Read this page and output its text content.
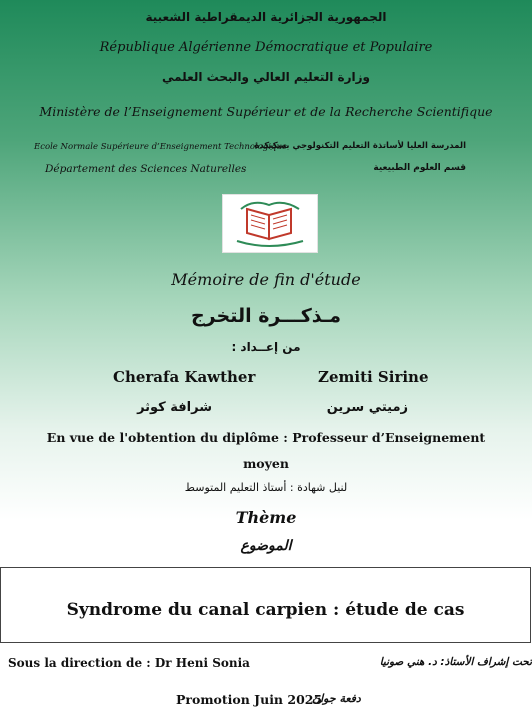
الجمهورية الجزائرية الديمقراطية الشعبية
République Algérienne Démocratique et Populaire
وزارة التعليم العالي والبحث العلمي
Ministère de l’Enseignement Supérieur et de la Recherche Scientifique
Ecole Normale Supérieure d’Enseignement Technologique
المدرسة العليا لأساتذة التعليم التكنولوجي بسكيكدة
Département des Sciences Naturelles	قسم العلوم الطبيعية
Mémoire de fin d'étude
مـذكـــرة التخرج
من إعــداد :
Cherafa Kawther	Zemiti Sirine
شرافة كوثر	زميتي سرين
En vue de l'obtention du diplôme : Professeur d’Enseignement
moyen
لنيل شهادة : أستاذ التعليم المتوسط
Thème
الموضوع
Syndrome du canal carpien : étude de cas
Sous la direction de : Dr Heni Sonia	تحت إشراف الأستاذ: د. هني صونيا
Promotion Juin 2025
دفعة جوان
